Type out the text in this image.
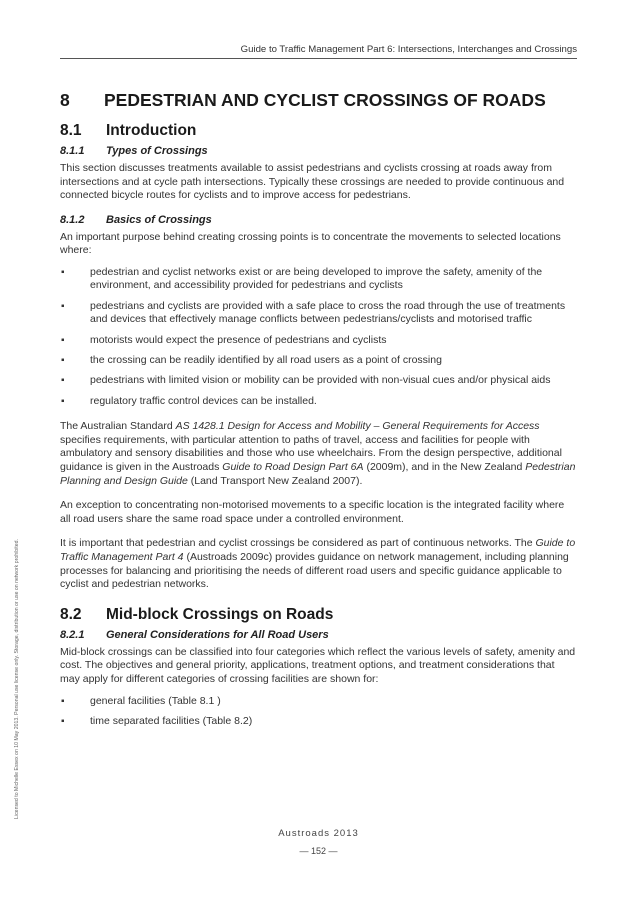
Guide to Traffic Management Part 6: Intersections, Interchanges and Crossings
Licensed to Michelle Essex on 10 May 2013. Personal use license only. Storage, distribution or use on network prohibited.
8 PEDESTRIAN AND CYCLIST CROSSINGS OF ROADS
8.1 Introduction
8.1.1 Types of Crossings

This section discusses treatments available to assist pedestrians and cyclists crossing at roads away from intersections and at cycle path intersections. Typically these crossings are needed to provide continuous and connected bicycle routes for cyclists and to improve access for pedestrians.

8.1.2 Basics of Crossings

An important purpose behind creating crossing points is to concentrate the movements to selected locations where:

▪ pedestrian and cyclist networks exist or are being developed to improve the safety, amenity of the environment, and accessibility provided for pedestrians and cyclists
▪ pedestrians and cyclists are provided with a safe place to cross the road through the use of treatments and devices that effectively manage conflicts between pedestrians/cyclists and motorised traffic
▪ motorists would expect the presence of pedestrians and cyclists
▪ the crossing can be readily identified by all road users as a point of crossing
▪ pedestrians with limited vision or mobility can be provided with non-visual cues and/or physical aids
▪ regulatory traffic control devices can be installed.

The Australian Standard AS 1428.1 Design for Access and Mobility – General Requirements for Access specifies requirements, with particular attention to paths of travel, access and facilities for people with ambulatory and sensory disabilities and those who use wheelchairs. From the design perspective, additional guidance is given in the Austroads Guide to Road Design Part 6A (2009m), and in the New Zealand Pedestrian Planning and Design Guide (Land Transport New Zealand 2007).

An exception to concentrating non-motorised movements to a specific location is the integrated facility where all road users share the same road space under a controlled environment.

It is important that pedestrian and cyclist crossings be considered as part of continuous networks. The Guide to Traffic Management Part 4 (Austroads 2009c) provides guidance on network management, including planning processes for balancing and prioritising the needs of different road users and specific guidance applicable to cyclist and pedestrian networks.

8.2 Mid-block Crossings on Roads
8.2.1 General Considerations for All Road Users

Mid-block crossings can be classified into four categories which reflect the various levels of safety, amenity and cost. The objectives and general priority, applications, treatment options, and treatment considerations that may apply for different categories of crossing facilities are shown for:

▪ general facilities (Table 8.1 )
▪ time separated facilities (Table 8.2)
Austroads 2013
— 152 —
